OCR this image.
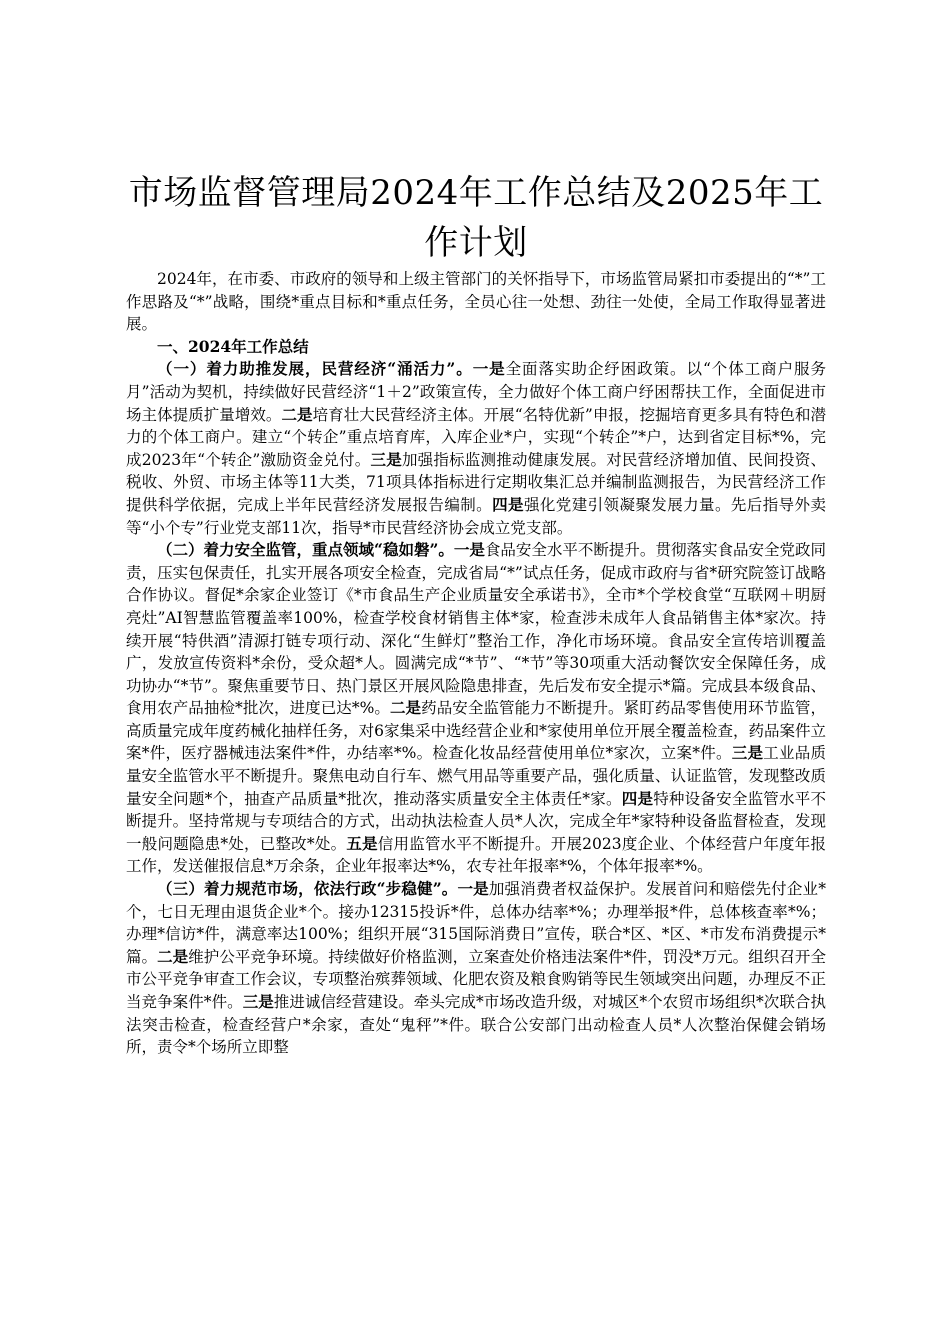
市场监督管理局2024年工作总结及2025年工
作计划

2024年，在市委、市政府的领导和上级主管部门的关怀指导下，市场监管局紧扣市委提出的“*”工作思路及“*”战略，围绕*重点目标和*重点任务，全员心往一处想、劲往一处使，全局工作取得显著进展。

一、2024年工作总结

（一）着力助推发展，民营经济“涌活力”。一是全面落实助企纾困政策。以“个体工商户服务月”活动为契机，持续做好民营经济“1＋2”政策宣传，全力做好个体工商户纾困帮扶工作，全面促进市场主体提质扩量增效。二是培育壮大民营经济主体。开展“名特优新”申报，挖掘培育更多具有特色和潜力的个体工商户。建立“个转企”重点培育库，入库企业*户，实现“个转企”*户，达到省定目标*%，完成2023年“个转企”激励资金兑付。三是加强指标监测推动健康发展。对民营经济增加值、民间投资、税收、外贸、市场主体等11大类，71项具体指标进行定期收集汇总并编制监测报告，为民营经济工作提供科学依据，完成上半年民营经济发展报告编制。四是强化党建引领凝聚发展力量。先后指导外卖等“小个专”行业党支部11次，指导*市民营经济协会成立党支部。

（二）着力安全监管，重点领域“稳如磐”。一是食品安全水平不断提升。贯彻落实食品安全党政同责，压实包保责任，扎实开展各项安全检查，完成省局“*”试点任务，促成市政府与省*研究院签订战略合作协议。督促*余家企业签订《*市食品生产企业质量安全承诺书》，全市*个学校食堂“互联网＋明厨亮灶”AI智慧监管覆盖率100%，检查学校食材销售主体*家，检查涉未成年人食品销售主体*家次。持续开展“特供酒”清源打链专项行动、深化“生鲜灯”整治工作，净化市场环境。食品安全宣传培训覆盖广，发放宣传资料*余份，受众超*人。圆满完成“*节”、“*节”等30项重大活动餐饮安全保障任务，成功协办“*节”。聚焦重要节日、热门景区开展风险隐患排查，先后发布安全提示*篇。完成县本级食品、食用农产品抽检*批次，进度已达*%。二是药品安全监管能力不断提升。紧盯药品零售使用环节监管，高质量完成年度药械化抽样任务，对6家集采中选经营企业和*家使用单位开展全覆盖检查，药品案件立案*件，医疗器械违法案件*件，办结率*%。检查化妆品经营使用单位*家次，立案*件。三是工业品质量安全监管水平不断提升。聚焦电动自行车、燃气用品等重要产品，强化质量、认证监管，发现整改质量安全问题*个，抽查产品质量*批次，推动落实质量安全主体责任*家。四是特种设备安全监管水平不断提升。坚持常规与专项结合的方式，出动执法检查人员*人次，完成全年*家特种设备监督检查，发现一般问题隐患*处，已整改*处。五是信用监管水平不断提升。开展2023度企业、个体经营户年度年报工作，发送催报信息*万余条，企业年报率达*%，农专社年报率*%，个体年报率*%。

（三）着力规范市场，依法行政“步稳健”。一是加强消费者权益保护。发展首问和赔偿先付企业*个，七日无理由退货企业*个。接办12315投诉*件，总体办结率*%；办理举报*件，总体核查率*%；办理*信访*件，满意率达100%；组织开展“315国际消费日”宣传，联合*区、*区、*市发布消费提示*篇。二是维护公平竞争环境。持续做好价格监测，立案查处价格违法案件*件，罚没*万元。组织召开全市公平竞争审查工作会议，专项整治殡葬领域、化肥农资及粮食购销等民生领域突出问题，办理反不正当竞争案件*件。三是推进诚信经营建设。牵头完成*市场改造升级，对城区*个农贸市场组织*次联合执法突击检查，检查经营户*余家，查处“鬼秤”*件。联合公安部门出动检查人员*人次整治保健会销场所，责令*个场所立即整
